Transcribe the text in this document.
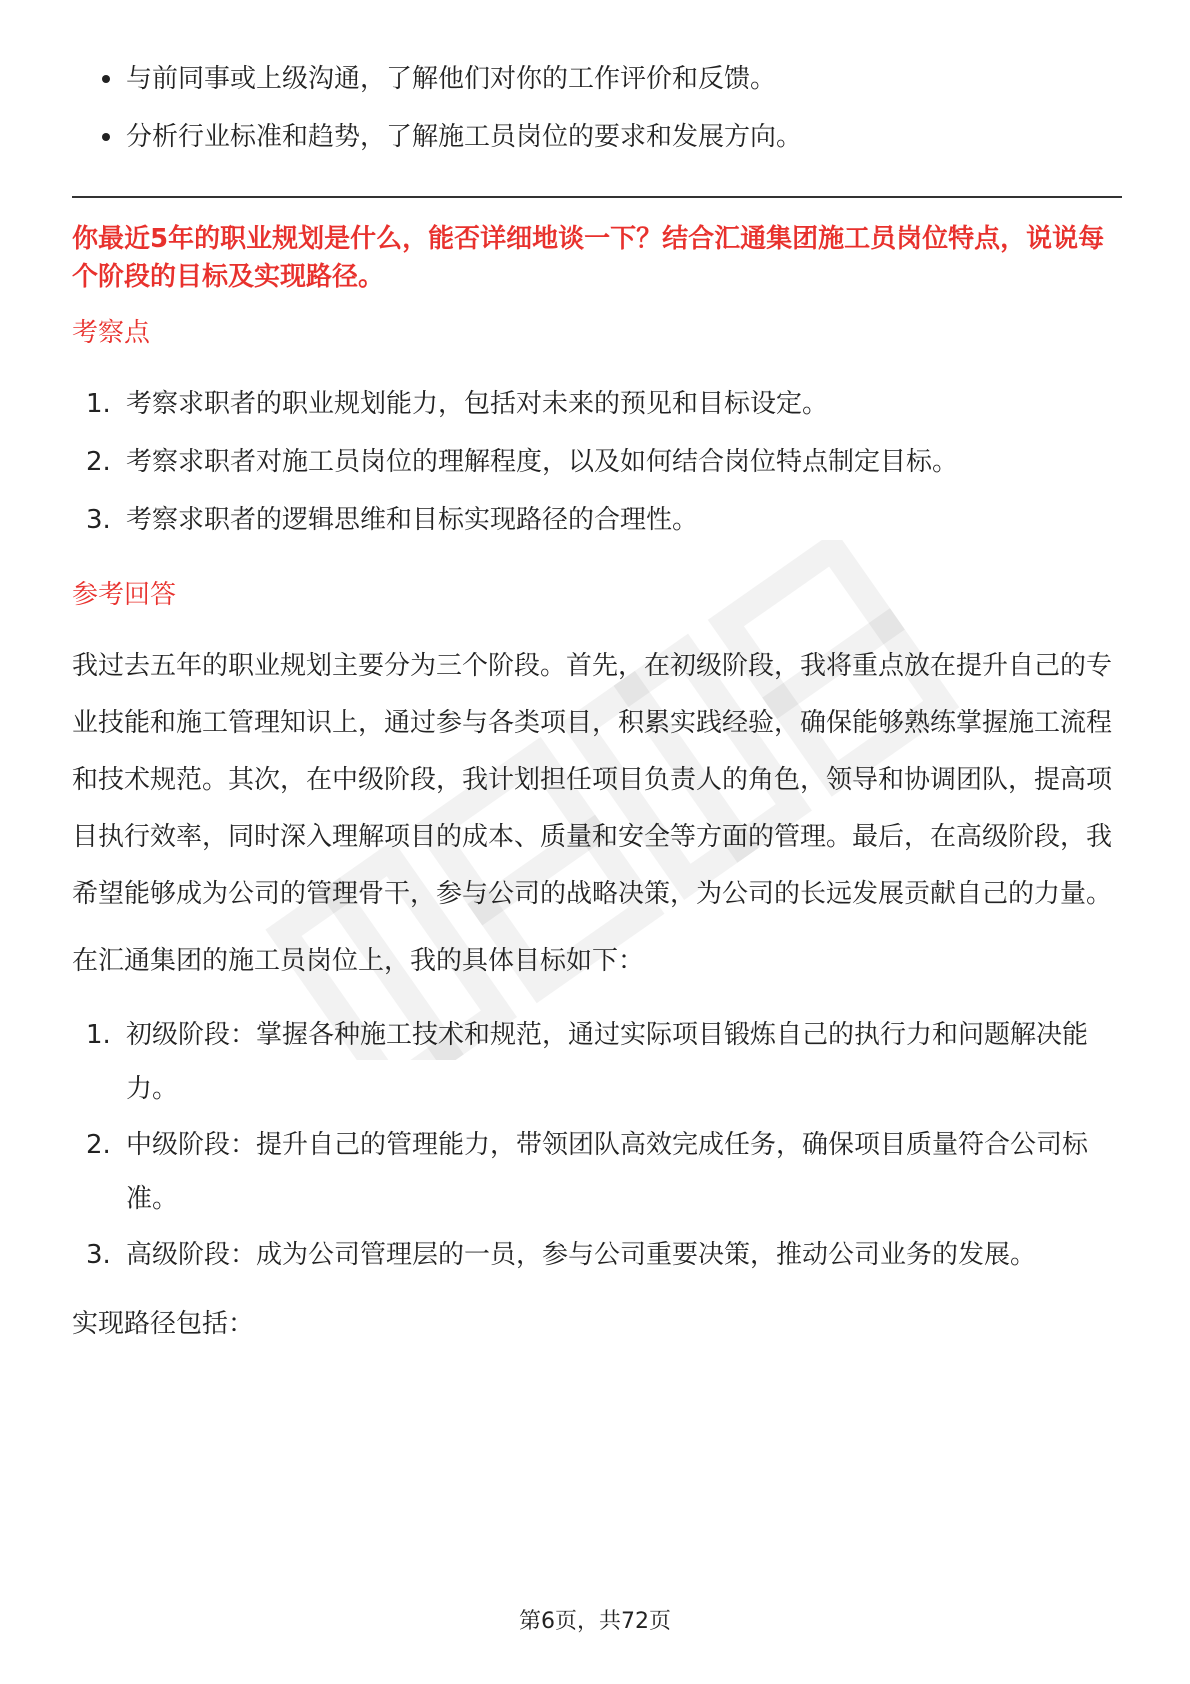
与前同事或上级沟通，了解他们对你的工作评价和反馈。
分析行业标准和趋势，了解施工员岗位的要求和发展方向。

你最近5年的职业规划是什么，能否详细地谈一下？结合汇通集团施工员岗位特点，说说每个阶段的目标及实现路径。

考察点
1. 考察求职者的职业规划能力，包括对未来的预见和目标设定。
2. 考察求职者对施工员岗位的理解程度，以及如何结合岗位特点制定目标。
3. 考察求职者的逻辑思维和目标实现路径的合理性。
参考回答

我过去五年的职业规划主要分为三个阶段。首先，在初级阶段，我将重点放在提升自己的专业技能和施工管理知识上，通过参与各类项目，积累实践经验，确保能够熟练掌握施工流程和技术规范。其次，在中级阶段，我计划担任项目负责人的角色，领导和协调团队，提高项目执行效率，同时深入理解项目的成本、质量和安全等方面的管理。最后，在高级阶段，我希望能够成为公司的管理骨干，参与公司的战略决策，为公司的长远发展贡献自己的力量。

在汇通集团的施工员岗位上，我的具体目标如下：

1. 初级阶段：掌握各种施工技术和规范，通过实际项目锻炼自己的执行力和问题解决能力。
2. 中级阶段：提升自己的管理能力，带领团队高效完成任务，确保项目质量符合公司标准。
3. 高级阶段：成为公司管理层的一员，参与公司重要决策，推动公司业务的发展。

实现路径包括：

第6页，共72页
